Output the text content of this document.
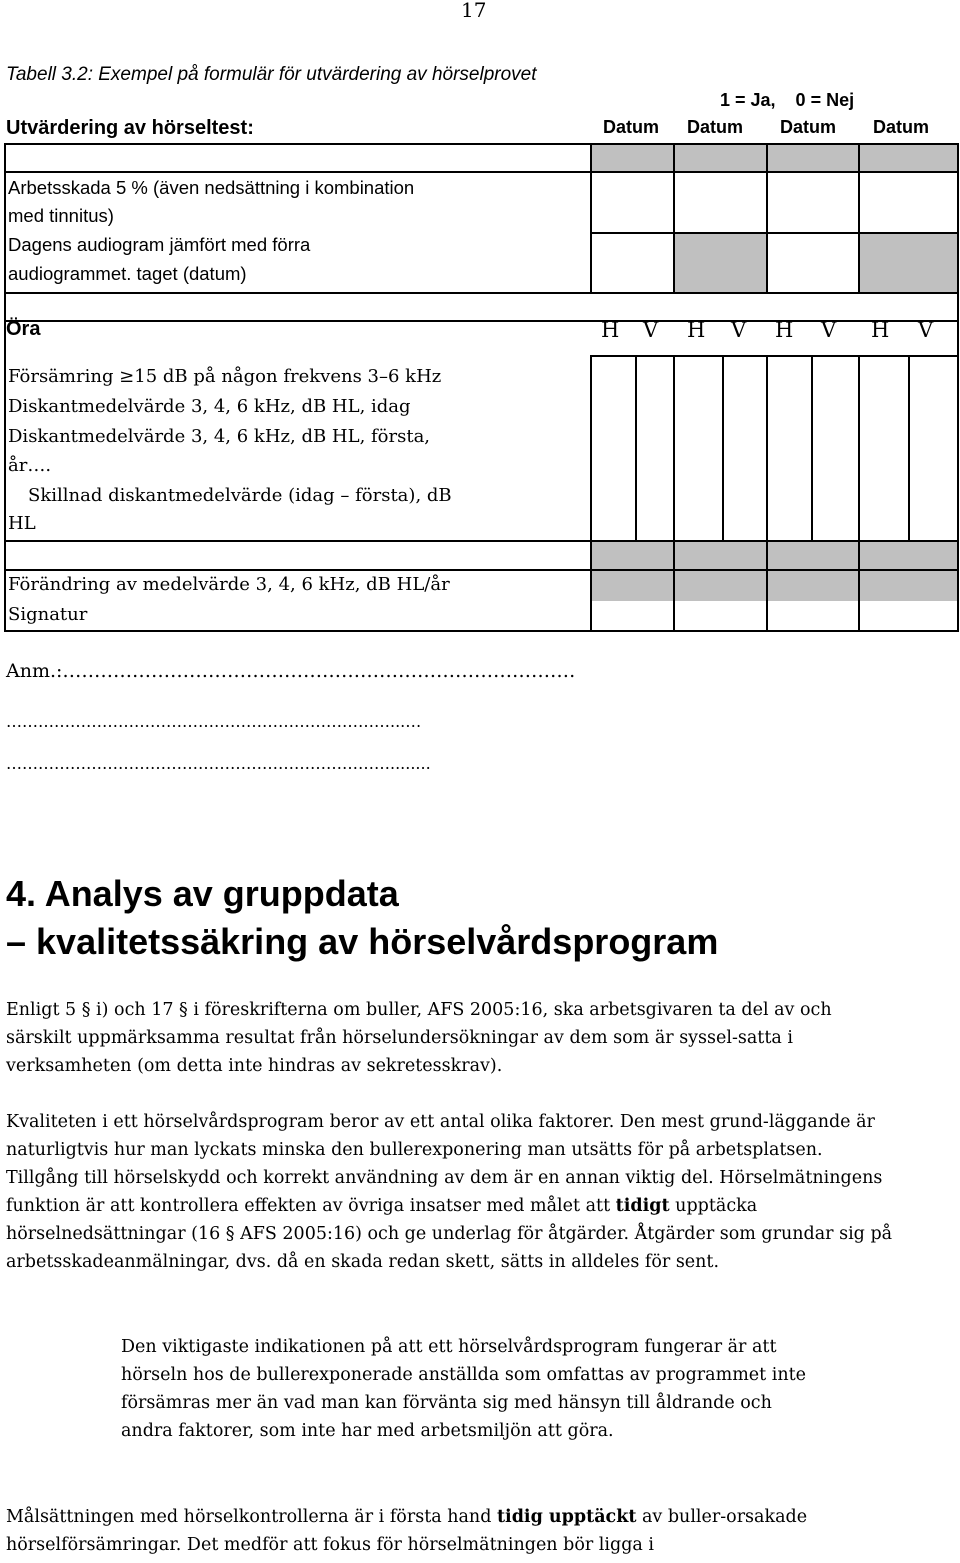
17
Tabell 3.2: Exempel på formulär för utvärdering av hörselprovet
1 = Ja,    0 = Nej
Utvärdering av hörseltest:	Datum	Datum	Datum	Datum
Arbetsskada 5 % (även nedsättning i kombination
med tinnitus)
Dagens audiogram jämfört med förra
audiogrammet. taget (datum)
Öra	H V H V H V H V
Försämring ≥15 dB på någon frekvens 3–6 kHz
Diskantmedelvärde 3, 4, 6 kHz, dB HL, idag
Diskantmedelvärde 3, 4, 6 kHz, dB HL, första,
år….
Skillnad diskantmedelvärde (idag – första), dB
HL
Förändring av medelvärde 3, 4, 6 kHz, dB HL/år
Signatur
Anm.:………………………………………………………………………
………………………………………………………………...…
………………………………………………………………........
4. Analys av gruppdata
– kvalitetssäkring av hörselvårdsprogram
Enligt 5 § i) och 17 § i föreskrifterna om buller, AFS 2005:16, ska arbetsgivaren ta del av och särskilt uppmärksamma resultat från hörselundersökningar av dem som är syssel-satta i verksamheten (om detta inte hindras av sekretesskrav).
Kvaliteten i ett hörselvårdsprogram beror av ett antal olika faktorer. Den mest grund-läggande är naturligtvis hur man lyckats minska den bullerexponering man utsätts för på arbetsplatsen. Tillgång till hörselskydd och korrekt användning av dem är en annan viktig del. Hörselmätningens funktion är att kontrollera effekten av övriga insatser med målet att tidigt upptäcka hörselnedsättningar (16 § AFS 2005:16) och ge underlag för åtgärder. Åtgärder som grundar sig på arbetsskadeanmälningar, dvs. då en skada redan skett, sätts in alldeles för sent.
Den viktigaste indikationen på att ett hörselvårdsprogram fungerar är att hörseln hos de bullerexponerade anställda som omfattas av programmet inte försämras mer än vad man kan förvänta sig med hänsyn till åldrande och andra faktorer, som inte har med arbetsmiljön att göra.
Målsättningen med hörselkontrollerna är i första hand tidig upptäckt av buller-orsakade hörselförsämringar. Det medför att fokus för hörselmätningen bör ligga i
